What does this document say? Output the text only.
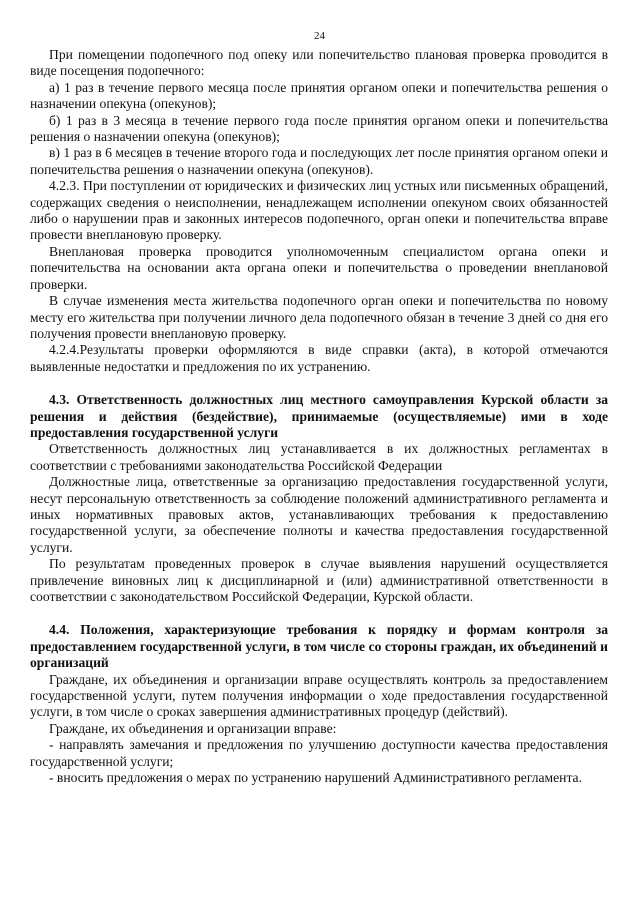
24

При помещении подопечного под опеку или попечительство плановая проверка проводится в виде посещения подопечного:

а) 1 раз в течение первого месяца после принятия органом опеки и попечительства решения о назначении опекуна (опекунов);

б) 1 раз в 3 месяца в течение первого года после принятия органом опеки и попечительства решения о назначении опекуна (опекунов);

в) 1 раз в 6 месяцев в течение второго года и последующих лет после принятия органом опеки и попечительства решения о назначении опекуна (опекунов).

4.2.3. При поступлении от юридических и физических лиц устных или письменных обращений, содержащих сведения о неисполнении, ненадлежащем исполнении опекуном своих обязанностей либо о нарушении прав и законных интересов подопечного, орган опеки и попечительства вправе провести внеплановую проверку.

Внеплановая проверка проводится уполномоченным специалистом органа опеки и попечительства на основании акта органа опеки и попечительства о проведении внеплановой проверки.

В случае изменения места жительства подопечного орган опеки и попечительства по новому месту его жительства при получении личного дела подопечного обязан в течение 3 дней со дня его получения провести внеплановую проверку.

4.2.4.Результаты проверки оформляются в виде справки (акта), в которой отмечаются выявленные недостатки и предложения по их устранению.

4.3. Ответственность должностных лиц местного самоуправления Курской области за решения и действия (бездействие), принимаемые (осуществляемые) ими в ходе предоставления государственной услуги

Ответственность должностных лиц устанавливается в их должностных регламентах в соответствии с требованиями законодательства Российской Федерации

Должностные лица, ответственные за организацию предоставления государственной услуги, несут персональную ответственность за соблюдение положений административного регламента и иных нормативных правовых актов, устанавливающих требования к предоставлению государственной услуги, за обеспечение полноты и качества предоставления государственной услуги.

По результатам проведенных проверок в случае выявления нарушений осуществляется привлечение виновных лиц к дисциплинарной и (или) административной ответственности в соответствии с законодательством Российской Федерации, Курской области.

4.4. Положения, характеризующие требования к порядку и формам контроля за предоставлением государственной услуги, в том числе со стороны граждан, их объединений и организаций

Граждане, их объединения и организации вправе осуществлять контроль за предоставлением государственной услуги, путем получения информации о ходе предоставления государственной услуги, в том числе о сроках завершения административных процедур (действий).

Граждане, их объединения и организации вправе:

- направлять замечания и предложения по улучшению доступности качества предоставления государственной услуги;

- вносить предложения о мерах по устранению нарушений Административного регламента.
